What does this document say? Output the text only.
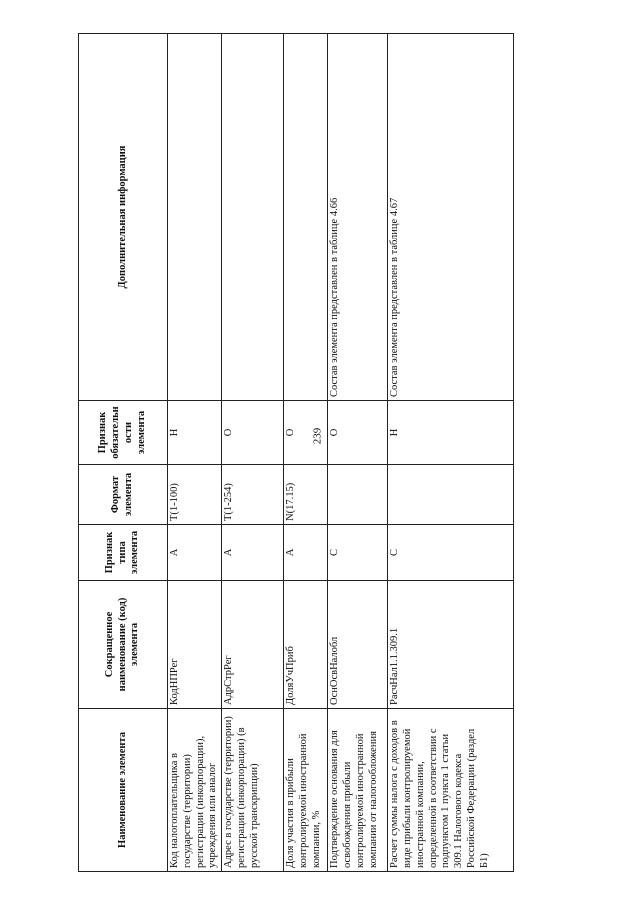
239
Наименование элемента	Сокращенное наименование (код) элемента	Признак типа элемента	Формат элемента	Признак обязательности элемента	Дополнительная информация
Код налогоплательщика в государстве (территории) регистрации (инкорпорации), учреждения или аналог	КодНПРег	А	T(1-100)	Н	
Адрес в государстве (территории) регистрации (инкорпорации) (в русской транскрипции)	АдрСтрРег	А	T(1-254)	О	
Доля участия в прибыли контролируемой иностранной компании, %	ДоляУчПриб	А	N(17.15)	О	
Подтверждение основания для освобождения прибыли контролируемой иностранной компании от налогообложения	ОснОсвНалобл	С		О	Состав элемента представлен в таблице 4.66
Расчет суммы налога с доходов в виде прибыли контролируемой иностранной компании, определенной в соответствии с подпунктом 1 пункта 1 статьи 309.1 Налогового кодекса Российской Федерации (раздел Б1)	РасчНал1.1.309.1	С		Н	Состав элемента представлен в таблице 4.67
